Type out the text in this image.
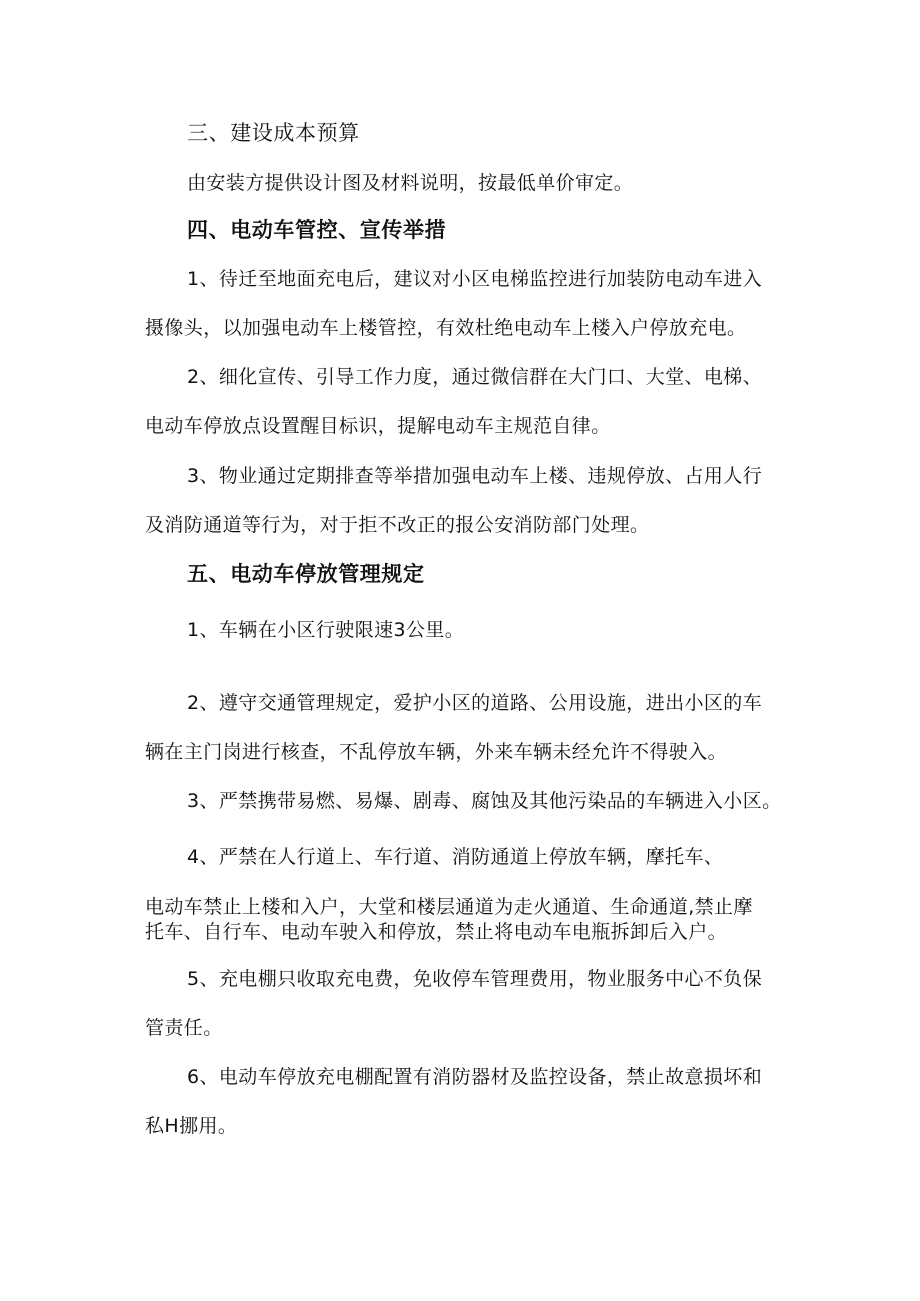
三、建设成本预算
由安装方提供设计图及材料说明，按最低单价审定。
四、电动车管控、宣传举措
1、待迁至地面充电后，建议对小区电梯监控进行加装防电动车进入
摄像头，以加强电动车上楼管控，有效杜绝电动车上楼入户停放充电。
2、细化宣传、引导工作力度，通过微信群在大门口、大堂、电梯、
电动车停放点设置醒目标识，提解电动车主规范自律。
3、物业通过定期排查等举措加强电动车上楼、违规停放、占用人行
及消防通道等行为，对于拒不改正的报公安消防部门处理。
五、电动车停放管理规定
1、车辆在小区行驶限速3公里。
2、遵守交通管理规定，爱护小区的道路、公用设施，进出小区的车
辆在主门岗进行核查，不乱停放车辆，外来车辆未经允许不得驶入。
3、严禁携带易燃、易爆、剧毒、腐蚀及其他污染品的车辆进入小区。
4、严禁在人行道上、车行道、消防通道上停放车辆，摩托车、
电动车禁止上楼和入户，大堂和楼层通道为走火通道、生命通道,禁止摩
托车、自行车、电动车驶入和停放，禁止将电动车电瓶拆卸后入户。
5、充电棚只收取充电费，免收停车管理费用，物业服务中心不负保
管责任。
6、电动车停放充电棚配置有消防器材及监控设备，禁止故意损坏和
私H挪用。
